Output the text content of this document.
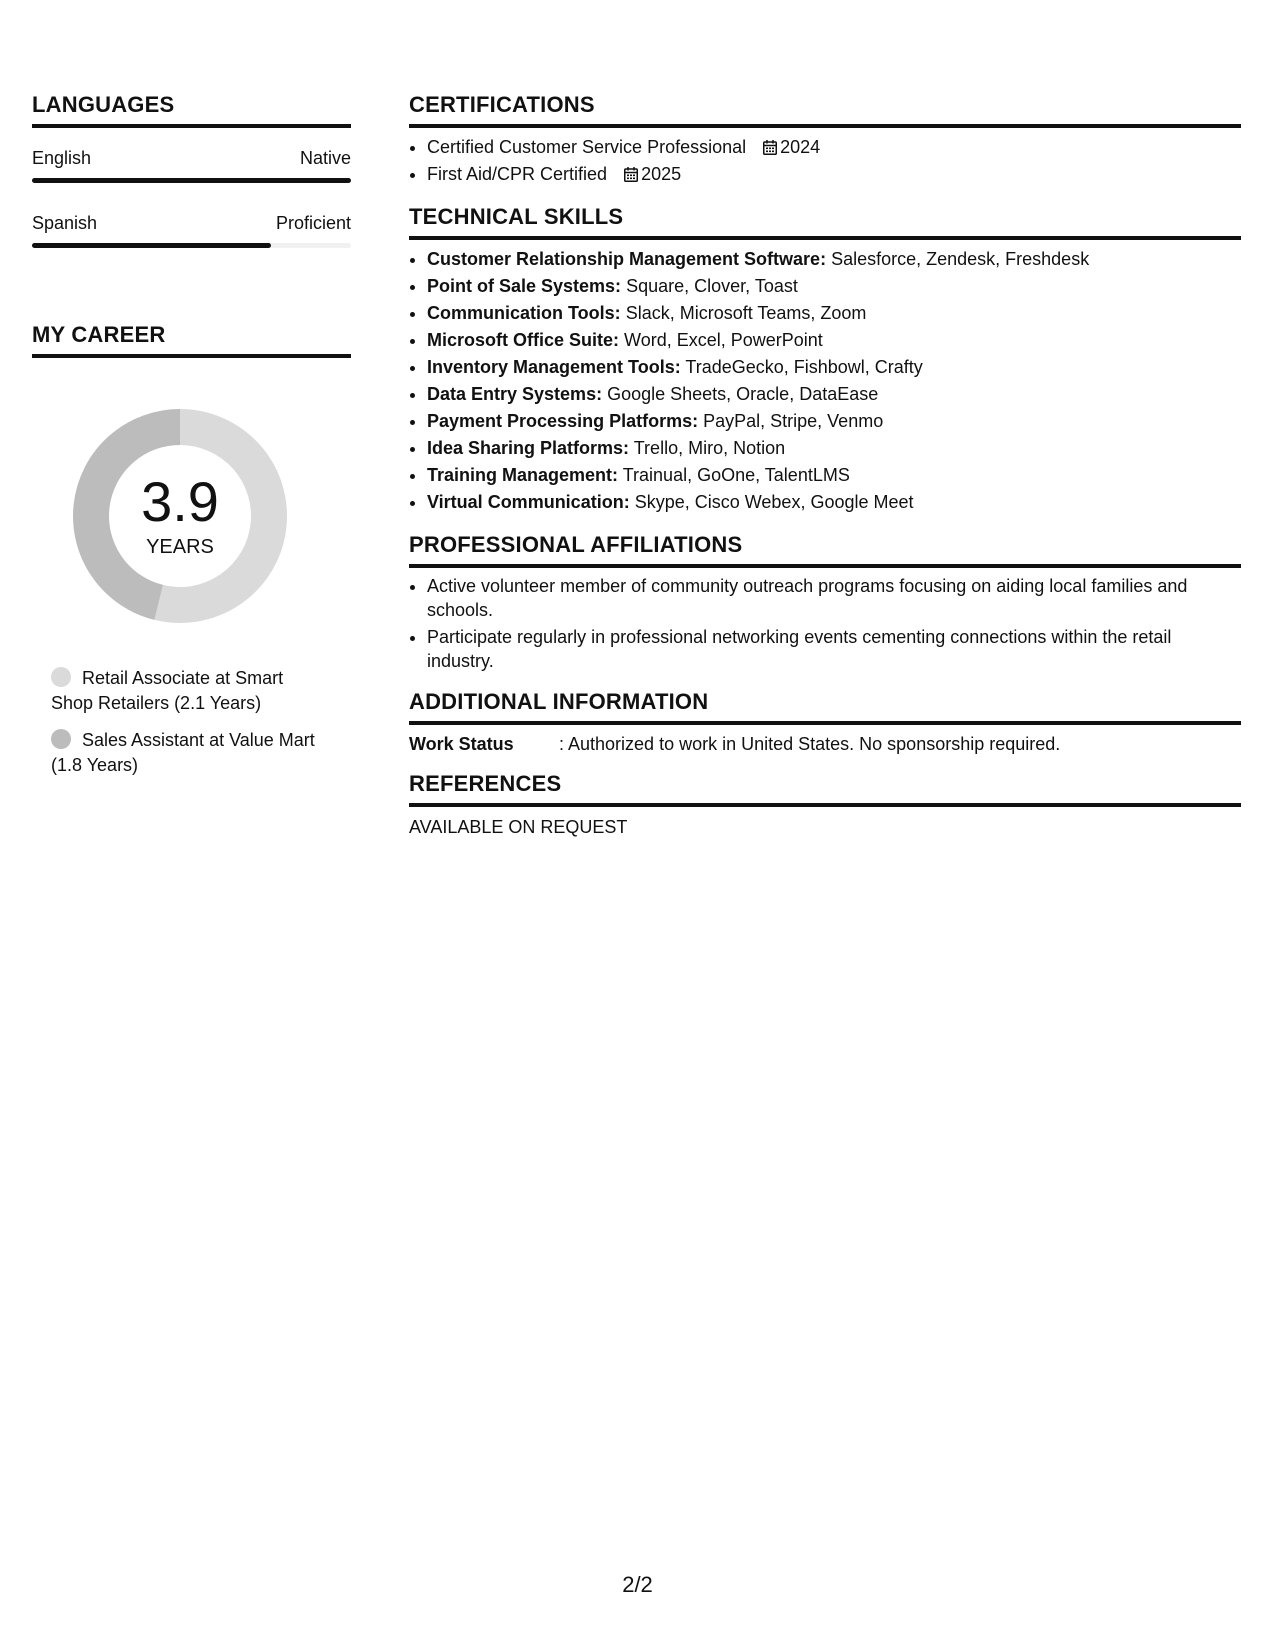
LANGUAGES
English	Native
Spanish	Proficient
MY CAREER
3.9
YEARS
Retail Associate at Smart Shop Retailers (2.1 Years)
Sales Assistant at Value Mart (1.8 Years)
CERTIFICATIONS
• Certified Customer Service Professional 2024
• First Aid/CPR Certified 2025
TECHNICAL SKILLS
• Customer Relationship Management Software: Salesforce, Zendesk, Freshdesk
• Point of Sale Systems: Square, Clover, Toast
• Communication Tools: Slack, Microsoft Teams, Zoom
• Microsoft Office Suite: Word, Excel, PowerPoint
• Inventory Management Tools: TradeGecko, Fishbowl, Crafty
• Data Entry Systems: Google Sheets, Oracle, DataEase
• Payment Processing Platforms: PayPal, Stripe, Venmo
• Idea Sharing Platforms: Trello, Miro, Notion
• Training Management: Trainual, GoOne, TalentLMS
• Virtual Communication: Skype, Cisco Webex, Google Meet
PROFESSIONAL AFFILIATIONS
• Active volunteer member of community outreach programs focusing on aiding local families and schools.
• Participate regularly in professional networking events cementing connections within the retail industry.
ADDITIONAL INFORMATION
Work Status	: Authorized to work in United States. No sponsorship required.
REFERENCES
AVAILABLE ON REQUEST
2/2
